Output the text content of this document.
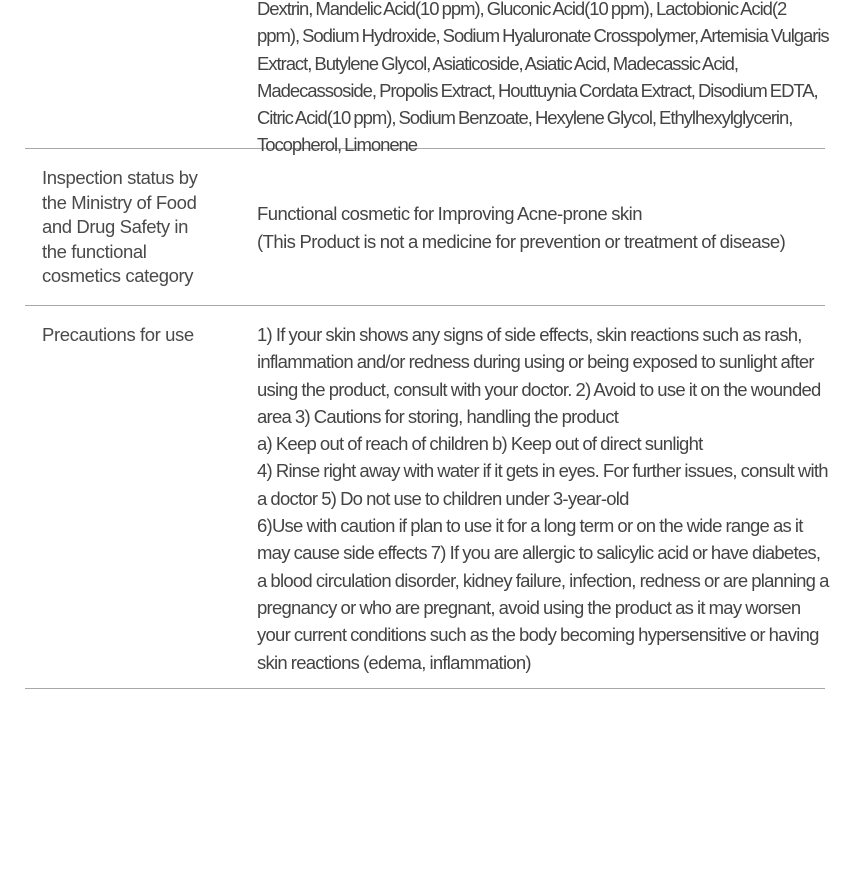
Dextrin, Mandelic Acid(10 ppm), Gluconic Acid(10 ppm), Lactobionic Acid(2 ppm), Sodium Hydroxide, Sodium Hyaluronate Crosspolymer, Artemisia Vulgaris Extract, Butylene Glycol, Asiaticoside, Asiatic Acid, Madecassic Acid, Madecassoside, Propolis Extract, Houttuynia Cordata Extract, Disodium EDTA, Citric Acid(10 ppm), Sodium Benzoate, Hexylene Glycol, Ethylhexylglycerin, Tocopherol, Limonene

Inspection status by the Ministry of Food and Drug Safety in the functional cosmetics category

Functional cosmetic for Improving Acne-prone skin

(This Product is not a medicine for prevention or treatment of disease)

Precautions for use	1) If your skin shows any signs of side effects, skin reactions such as rash, inflammation and/or redness during using or being exposed to sunlight after using the product, consult with your doctor. 2) Avoid to use it on the wounded area 3) Cautions for storing, handling the product

a) Keep out of reach of children b) Keep out of direct sunlight

4) Rinse right away with water if it gets in eyes. For further issues, consult with a doctor 5) Do not use to children under 3-year-old

6)Use with caution if plan to use it for a long term or on the wide range as it may cause side effects 7) If you are allergic to salicylic acid or have diabetes, a blood circulation disorder, kidney failure, infection, redness or are planning a pregnancy or who are pregnant, avoid using the product as it may worsen your current conditions such as the body becoming hypersensitive or having skin reactions (edema, inflammation)
